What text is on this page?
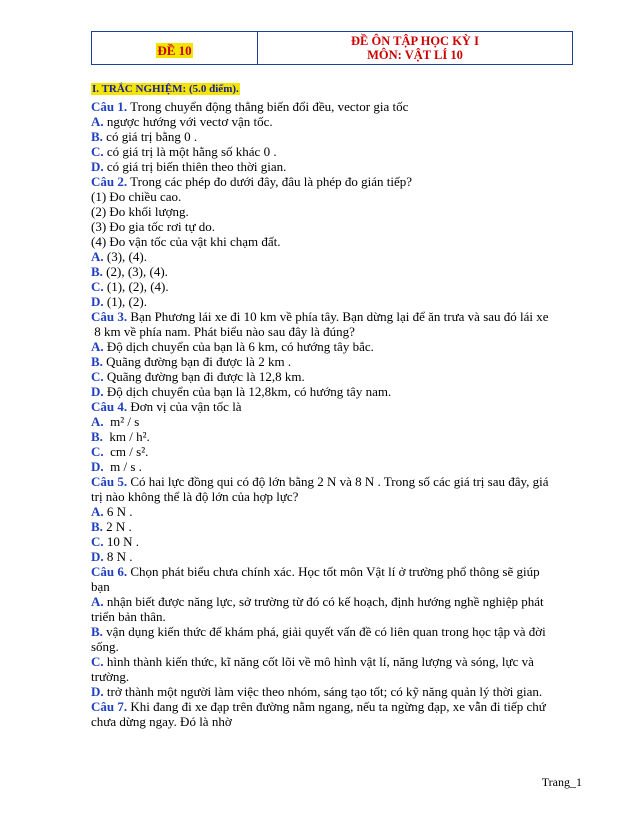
ĐỀ 10

ĐỀ ÔN TẬP HỌC KỲ I
MÔN: VẬT LÍ 10
I. TRẮC NGHIỆM: (5.0 điểm).
Câu 1. Trong chuyển động thẳng biến đổi đều, vector gia tốc
A. ngược hướng với vectơ vận tốc.
B. có giá trị bằng 0 .
C. có giá trị là một hằng số khác 0 .
D. có giá trị biến thiên theo thời gian.
Câu 2. Trong các phép đo dưới đây, đâu là phép đo gián tiếp?
(1) Đo chiều cao.
(2) Đo khối lượng.
(3) Đo gia tốc rơi tự do.
(4) Đo vận tốc của vật khi chạm đất.
A. (3), (4).
B. (2), (3), (4).
C. (1), (2), (4).
D. (1), (2).
Câu 3. Bạn Phương lái xe đi 10 km về phía tây. Bạn dừng lại để ăn trưa và sau đó lái xe
8 km về phía nam. Phát biểu nào sau đây là đúng?
A. Độ dịch chuyển của bạn là 6 km, có hướng tây bắc.
B. Quãng đường bạn đi được là 2 km .
C. Quãng đường bạn đi được là 12,8 km.
D. Độ dịch chuyển của bạn là 12,8km, có hướng tây nam.
Câu 4. Đơn vị của vận tốc là
A.  m² / s
B.  km / h².
C.  cm / s².
D.  m / s .
Câu 5. Có hai lực đồng qui có độ lớn bằng 2 N và 8 N . Trong số các giá trị sau đây, giá
trị nào không thể là độ lớn của hợp lực?
A. 6 N .
B. 2 N .
C. 10 N .
D. 8 N .
Câu 6. Chọn phát biểu chưa chính xác. Học tốt môn Vật lí ở trường phổ thông sẽ giúp
bạn
A. nhận biết được năng lực, sở trường từ đó có kế hoạch, định hướng nghề nghiệp phát
triển bản thân.
B. vận dụng kiến thức để khám phá, giải quyết vấn đề có liên quan trong học tập và đời
sống.
C. hình thành kiến thức, kĩ năng cốt lõi về mô hình vật lí, năng lượng và sóng, lực và
trường.
D. trở thành một người làm việc theo nhóm, sáng tạo tốt; có kỹ năng quản lý thời gian.
Câu 7. Khi đang đi xe đạp trên đường nằm ngang, nếu ta ngừng đạp, xe vẫn đi tiếp chứ
chưa dừng ngay. Đó là nhờ
Trang_1
